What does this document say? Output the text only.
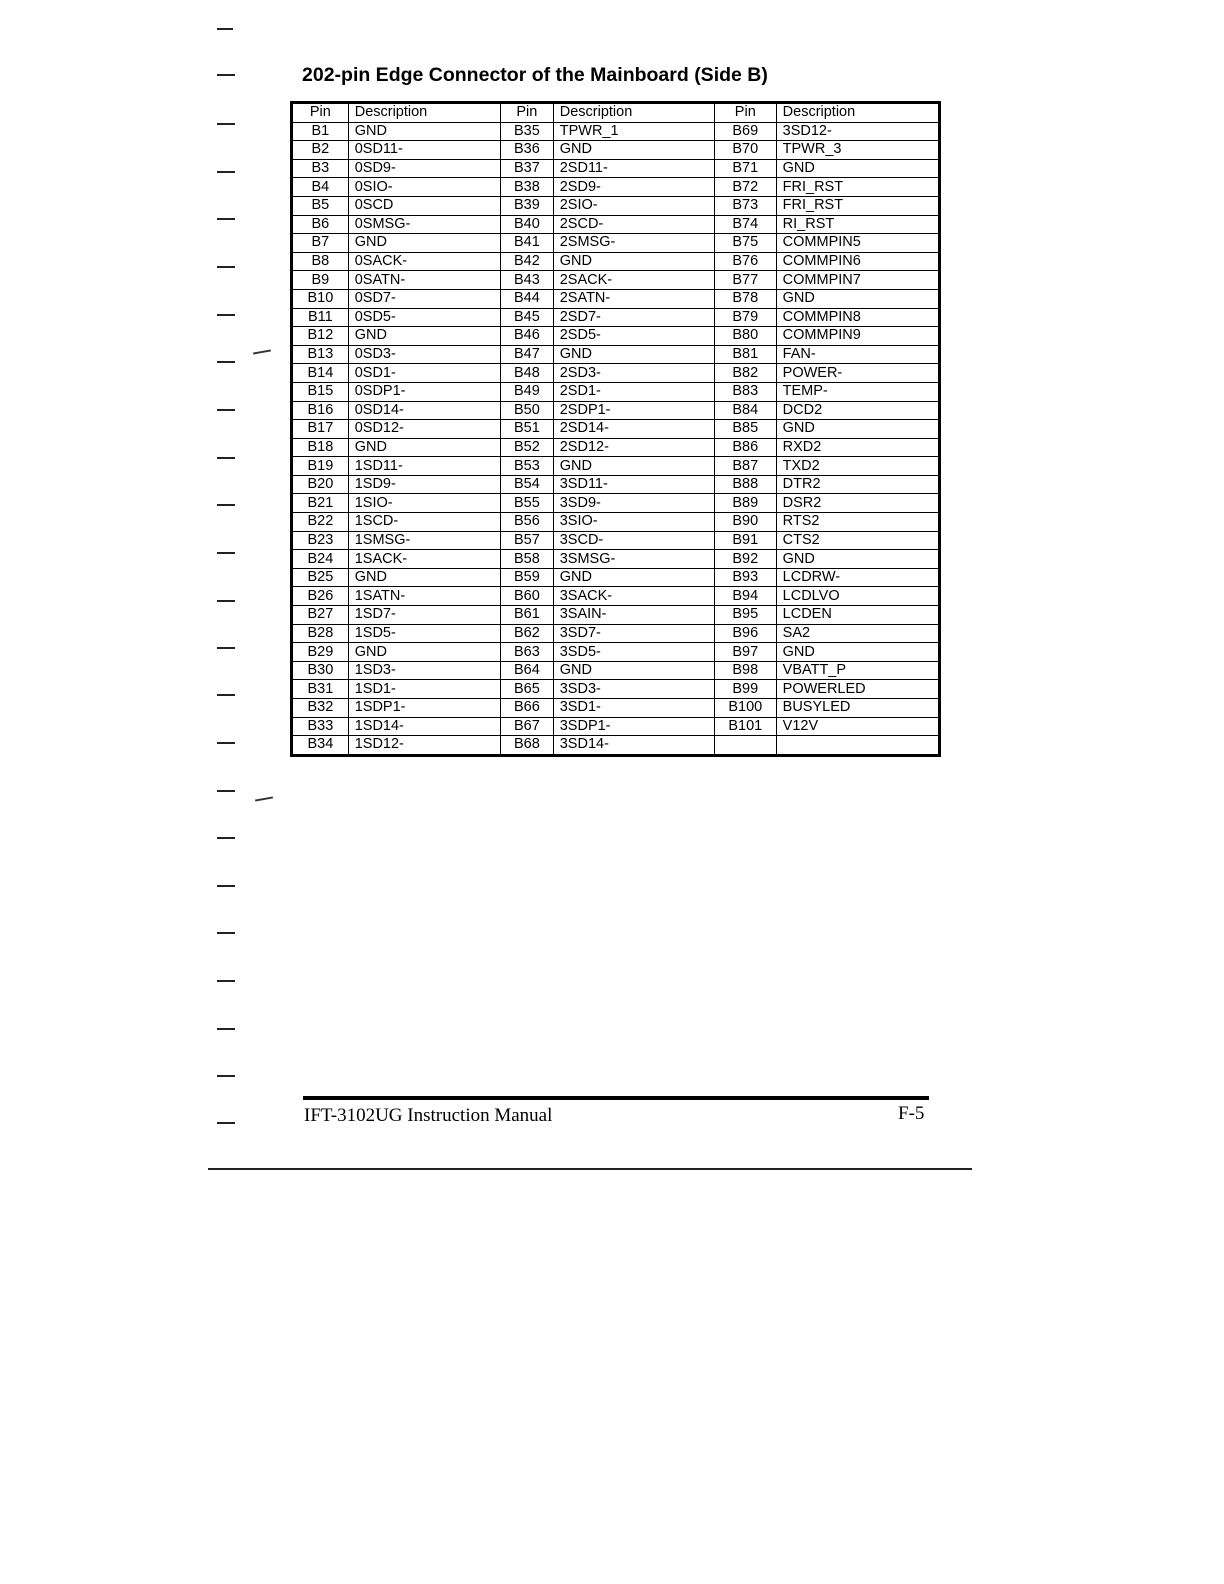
202-pin Edge Connector of the Mainboard (Side B)
Pin	Description	Pin	Description	Pin	Description
B1	GND	B35	TPWR_1	B69	3SD12-
B2	0SD11-	B36	GND	B70	TPWR_3
B3	0SD9-	B37	2SD11-	B71	GND
B4	0SIO-	B38	2SD9-	B72	FRI_RST
B5	0SCD	B39	2SIO-	B73	FRI_RST
B6	0SMSG-	B40	2SCD-	B74	RI_RST
B7	GND	B41	2SMSG-	B75	COMMPIN5
B8	0SACK-	B42	GND	B76	COMMPIN6
B9	0SATN-	B43	2SACK-	B77	COMMPIN7
B10	0SD7-	B44	2SATN-	B78	GND
B11	0SD5-	B45	2SD7-	B79	COMMPIN8
B12	GND	B46	2SD5-	B80	COMMPIN9
B13	0SD3-	B47	GND	B81	FAN-
B14	0SD1-	B48	2SD3-	B82	POWER-
B15	0SDP1-	B49	2SD1-	B83	TEMP-
B16	0SD14-	B50	2SDP1-	B84	DCD2
B17	0SD12-	B51	2SD14-	B85	GND
B18	GND	B52	2SD12-	B86	RXD2
B19	1SD11-	B53	GND	B87	TXD2
B20	1SD9-	B54	3SD11-	B88	DTR2
B21	1SIO-	B55	3SD9-	B89	DSR2
B22	1SCD-	B56	3SIO-	B90	RTS2
B23	1SMSG-	B57	3SCD-	B91	CTS2
B24	1SACK-	B58	3SMSG-	B92	GND
B25	GND	B59	GND	B93	LCDRW-
B26	1SATN-	B60	3SACK-	B94	LCDLVO
B27	1SD7-	B61	3SAIN-	B95	LCDEN
B28	1SD5-	B62	3SD7-	B96	SA2
B29	GND	B63	3SD5-	B97	GND
B30	1SD3-	B64	GND	B98	VBATT_P
B31	1SD1-	B65	3SD3-	B99	POWERLED
B32	1SDP1-	B66	3SD1-	B100	BUSYLED
B33	1SD14-	B67	3SDP1-	B101	V12V
B34	1SD12-	B68	3SD14-		
IFT-3102UG Instruction Manual	F-5
